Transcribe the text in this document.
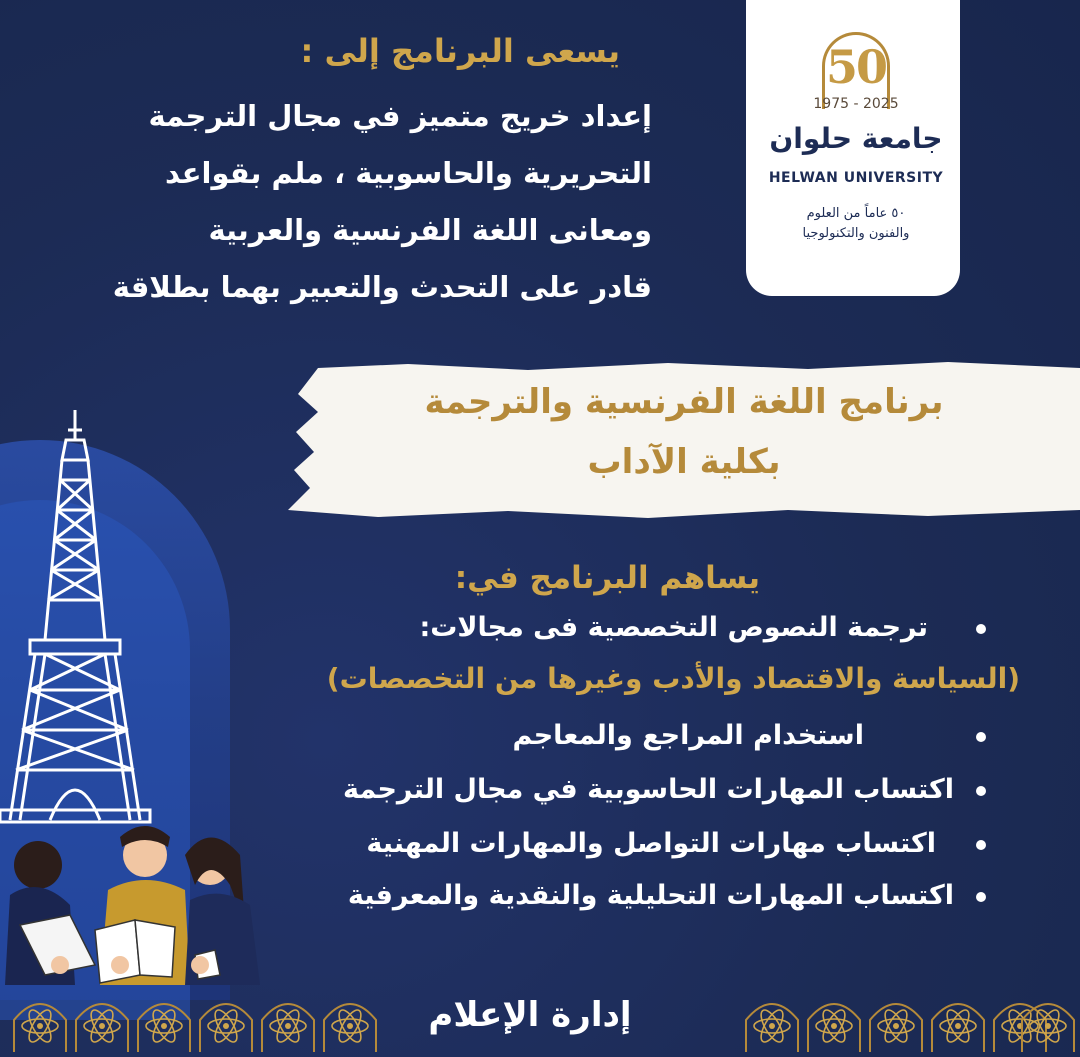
يسعى البرنامج إلى :
إعداد خريج متميز في مجال الترجمة
التحريرية والحاسوبية ، ملم بقواعد
ومعانى اللغة الفرنسية والعربية
قادر على التحدث والتعبير بهما بطلاقة
50
1975 - 2025
جامعة حلوان
HELWAN UNIVERSITY
٥٠ عاماً من العلوم
والفنون والتكنولوجيا
برنامج اللغة الفرنسية والترجمة
بكلية الآداب
يساهم البرنامج في:
ترجمة النصوص التخصصية فى مجالات:
(السياسة والاقتصاد والأدب وغيرها من التخصصات)
استخدام المراجع والمعاجم
اكتساب المهارات الحاسوبية في مجال الترجمة
اكتساب مهارات التواصل والمهارات المهنية
اكتساب المهارات التحليلية والنقدية والمعرفية
إدارة الإعلام
